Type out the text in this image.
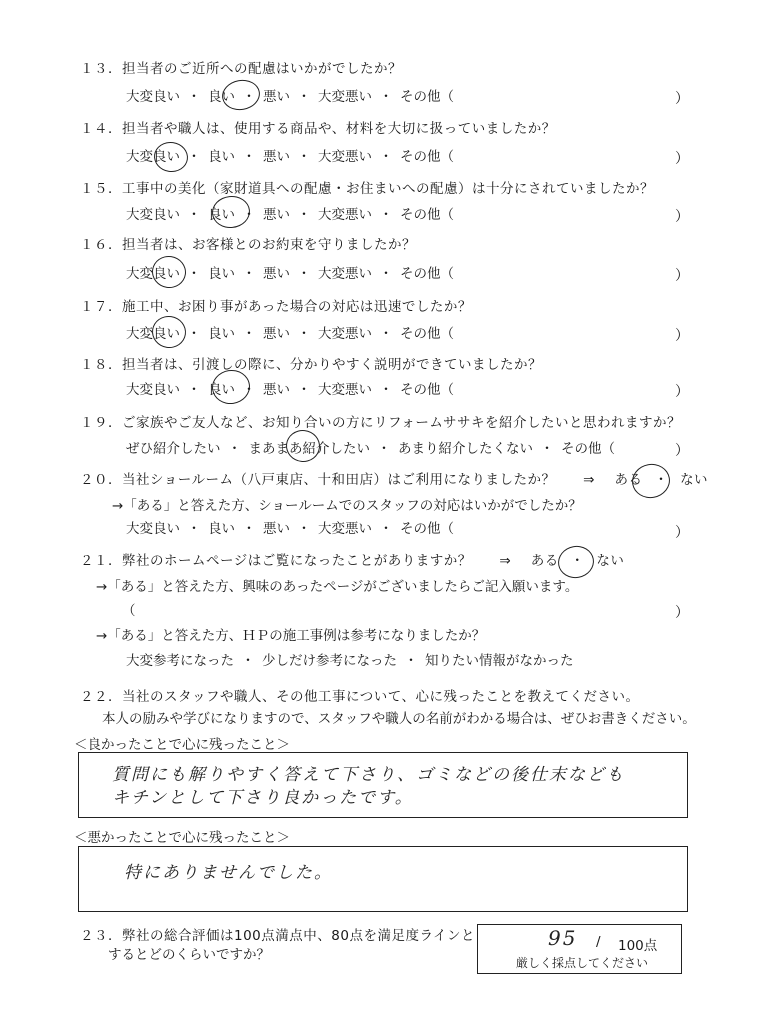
１３．担当者のご近所への配慮はいかがでしたか？
大変良い ・ 良い ・ 悪い ・ 大変悪い ・ その他（	）
１４．担当者や職人は、使用する商品や、材料を大切に扱っていましたか？
大変良い ・ 良い ・ 悪い ・ 大変悪い ・ その他（	）
１５．工事中の美化（家財道具への配慮・お住まいへの配慮）は十分にされていましたか？
大変良い ・ 良い ・ 悪い ・ 大変悪い ・ その他（	）
１６．担当者は、お客様とのお約束を守りましたか？
大変良い ・ 良い ・ 悪い ・ 大変悪い ・ その他（	）
１７．施工中、お困り事があった場合の対応は迅速でしたか？
大変良い ・ 良い ・ 悪い ・ 大変悪い ・ その他（	）
１８．担当者は、引渡しの際に、分かりやすく説明ができていましたか？
大変良い ・ 良い ・ 悪い ・ 大変悪い ・ その他（	）
１９．ご家族やご友人など、お知り合いの方にリフォームササキを紹介したいと思われますか？
ぜひ紹介したい ・ まあまあ紹介したい ・ あまり紹介したくない ・ その他（	）
２０．当社ショールーム（八戸東店、十和田店）はご利用になりましたか？ ⇒ ある ・ ない
→「ある」と答えた方、ショールームでのスタッフの対応はいかがでしたか？
大変良い ・ 良い ・ 悪い ・ 大変悪い ・ その他（	）
２１．弊社のホームページはご覧になったことがありますか？ ⇒ ある ・ ない
→「ある」と答えた方、興味のあったページがございましたらご記入願います。
（	）
→「ある」と答えた方、ＨＰの施工事例は参考になりましたか？
大変参考になった ・ 少しだけ参考になった ・ 知りたい情報がなかった
２２．当社のスタッフや職人、その他工事について、心に残ったことを教えてください。
本人の励みや学びになりますので、スタッフや職人の名前がわかる場合は、ぜひお書きください。
＜良かったことで心に残ったこと＞
質問にも解りやすく答えて下さり、ゴミなどの後仕末なども
キチンとして下さり良かったです。
＜悪かったことで心に残ったこと＞
特にありませんでした。
２３．弊社の総合評価は100点満点中、80点を満足度ラインと
するとどのくらいですか？
95 / 100点
厳しく採点してください
